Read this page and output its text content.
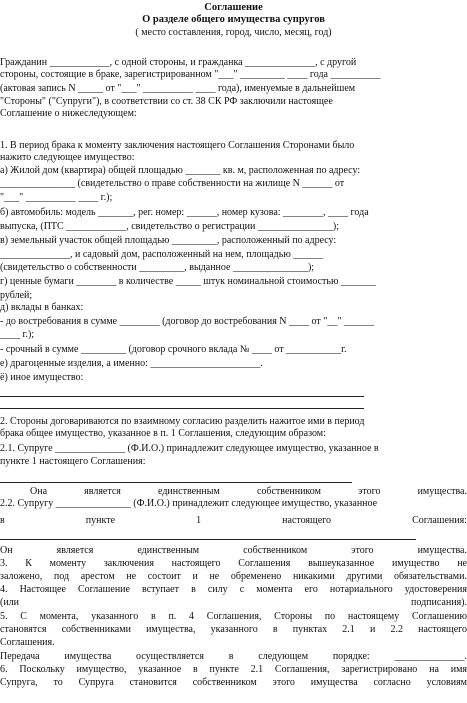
Соглашение
О разделе общего имущества супругов
( место составления, город, число, месяц, год)
Гражданин ____________, с одной стороны, и гражданка ______________, с другой
стороны, состоящие в браке, зарегистрированном "___" _________ ____ года __________
(актовая запись N _____ от "___" __________ ____ года), именуемые в дальнейшем
"Стороны" ("Супруги"), в соответствии со ст. 38 СК РФ заключили настоящее
Соглашение о нижеследующем:
1. В период брака к моменту заключения настоящего Соглашения Сторонами было
нажито следующее имущество:
а) Жилой дом (квартира) общей площадью _______ кв. м, расположенная по адресу:
_______________ (свидетельство о праве собственности на жилище N ______ от
"___" __________ ____ г.);
б) автомобиль: модель _______, рег. номер: ______, номер кузова: ________, ____ года
выпуска, (ПТС ____________, свидетельство о регистрации _______________);
в) земельный участок общей площадью _________, расположенный по адресу:
______________, и садовый дом, расположенный на нем, площадью ______
(свидетельство о собственности _________, выданное _______________);
г) ценные бумаги ________ в количестве _____ штук номинальной стоимостью _______
рублей;
д) вклады в банках:
- до востребования в сумме ________ (договор до востребования N ____ от "__" ______
____ г.);
- срочный в сумме _________ (договор срочного вклада № ____ от ___________г.
е) драгоценные изделия, а именно: ______________________.
ё) иное имущество:
2. Стороны договариваются по взаимному согласию разделить нажитое ими в период
брака общее имущество, указанное в п. 1 Соглашения, следующим образом:
2.1. Супруге ______________ (Ф.И.О.) принадлежит следующее имущество, указанное в
пункте 1 настоящего Соглашения:
Она является единственным собственником этого имущества.
2.2. Супругу _______________ (Ф.И.О.) принадлежит следующее имущество, указанное
в пункте 1 настоящего Соглашения:
Он является единственным собственником этого имущества.
3. К моменту заключения настоящего Соглашения вышеуказанное имущество не
заложено, под арестом не состоит и не обременено никакими другими обязательствами.
4. Настоящее Соглашение вступает в силу с момента его нотариального удостоверения
(или подписания).
5. С момента, указанного в п. 4 Соглашения, Стороны по настоящему Соглашению
становятся собственниками имущества, указанного в пунктах 2.1 и 2.2 настоящего
Соглашения.
Передача имущества осуществляется в следующем порядке: ______________.
6. Поскольку имущество, указанное в пункте 2.1 Соглашения, зарегистрировано на имя
Супруга, то Супруга становится собственником этого имущества согласно условиям
